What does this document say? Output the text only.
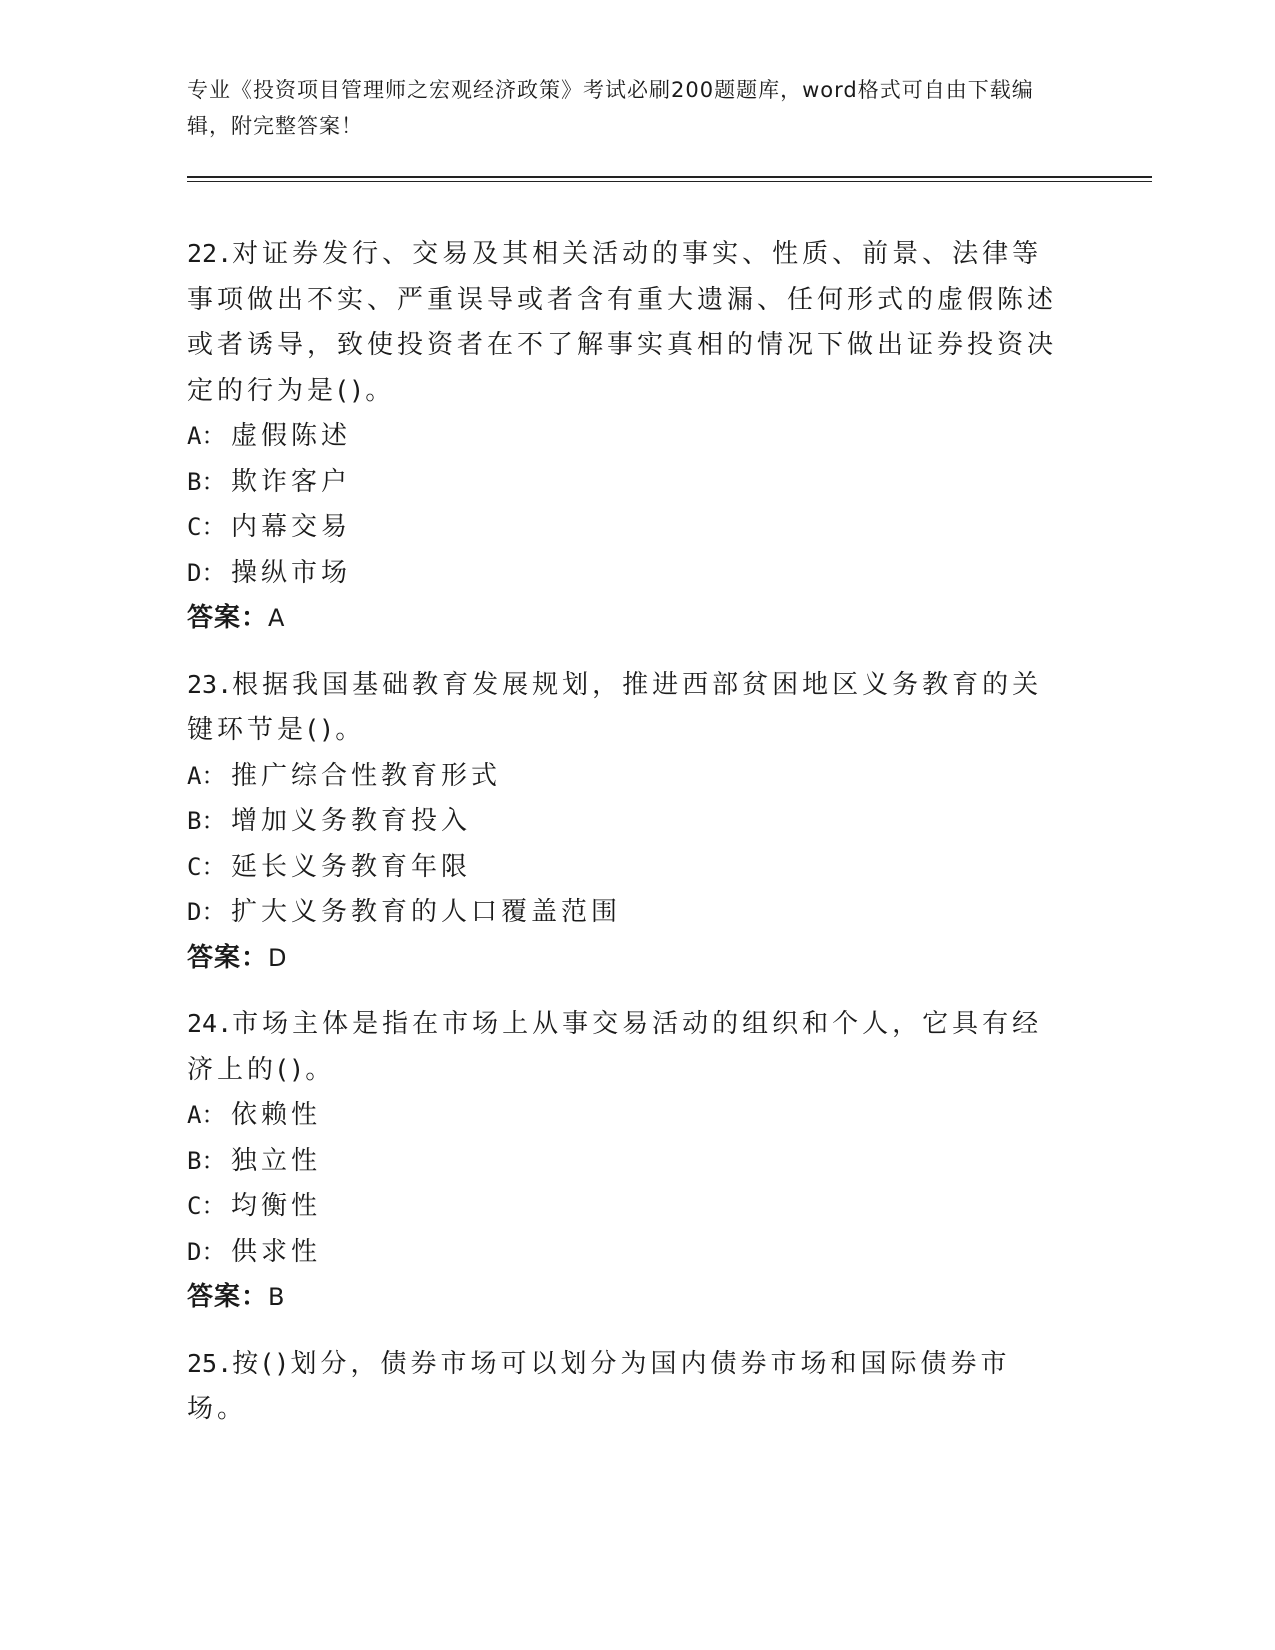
专业《投资项目管理师之宏观经济政策》考试必刷200题题库，word格式可自由下载编辑，附完整答案！
22.对证券发行、交易及其相关活动的事实、性质、前景、法律等事项做出不实、严重误导或者含有重大遗漏、任何形式的虚假陈述或者诱导，致使投资者在不了解事实真相的情况下做出证券投资决定的行为是()。
A： 虚假陈述
B： 欺诈客户
C： 内幕交易
D： 操纵市场
答案：A
23.根据我国基础教育发展规划，推进西部贫困地区义务教育的关键环节是()。
A： 推广综合性教育形式
B： 增加义务教育投入
C： 延长义务教育年限
D： 扩大义务教育的人口覆盖范围
答案：D
24.市场主体是指在市场上从事交易活动的组织和个人，它具有经济上的()。
A： 依赖性
B： 独立性
C： 均衡性
D： 供求性
答案：B
25.按()划分，债券市场可以划分为国内债券市场和国际债券市场。
